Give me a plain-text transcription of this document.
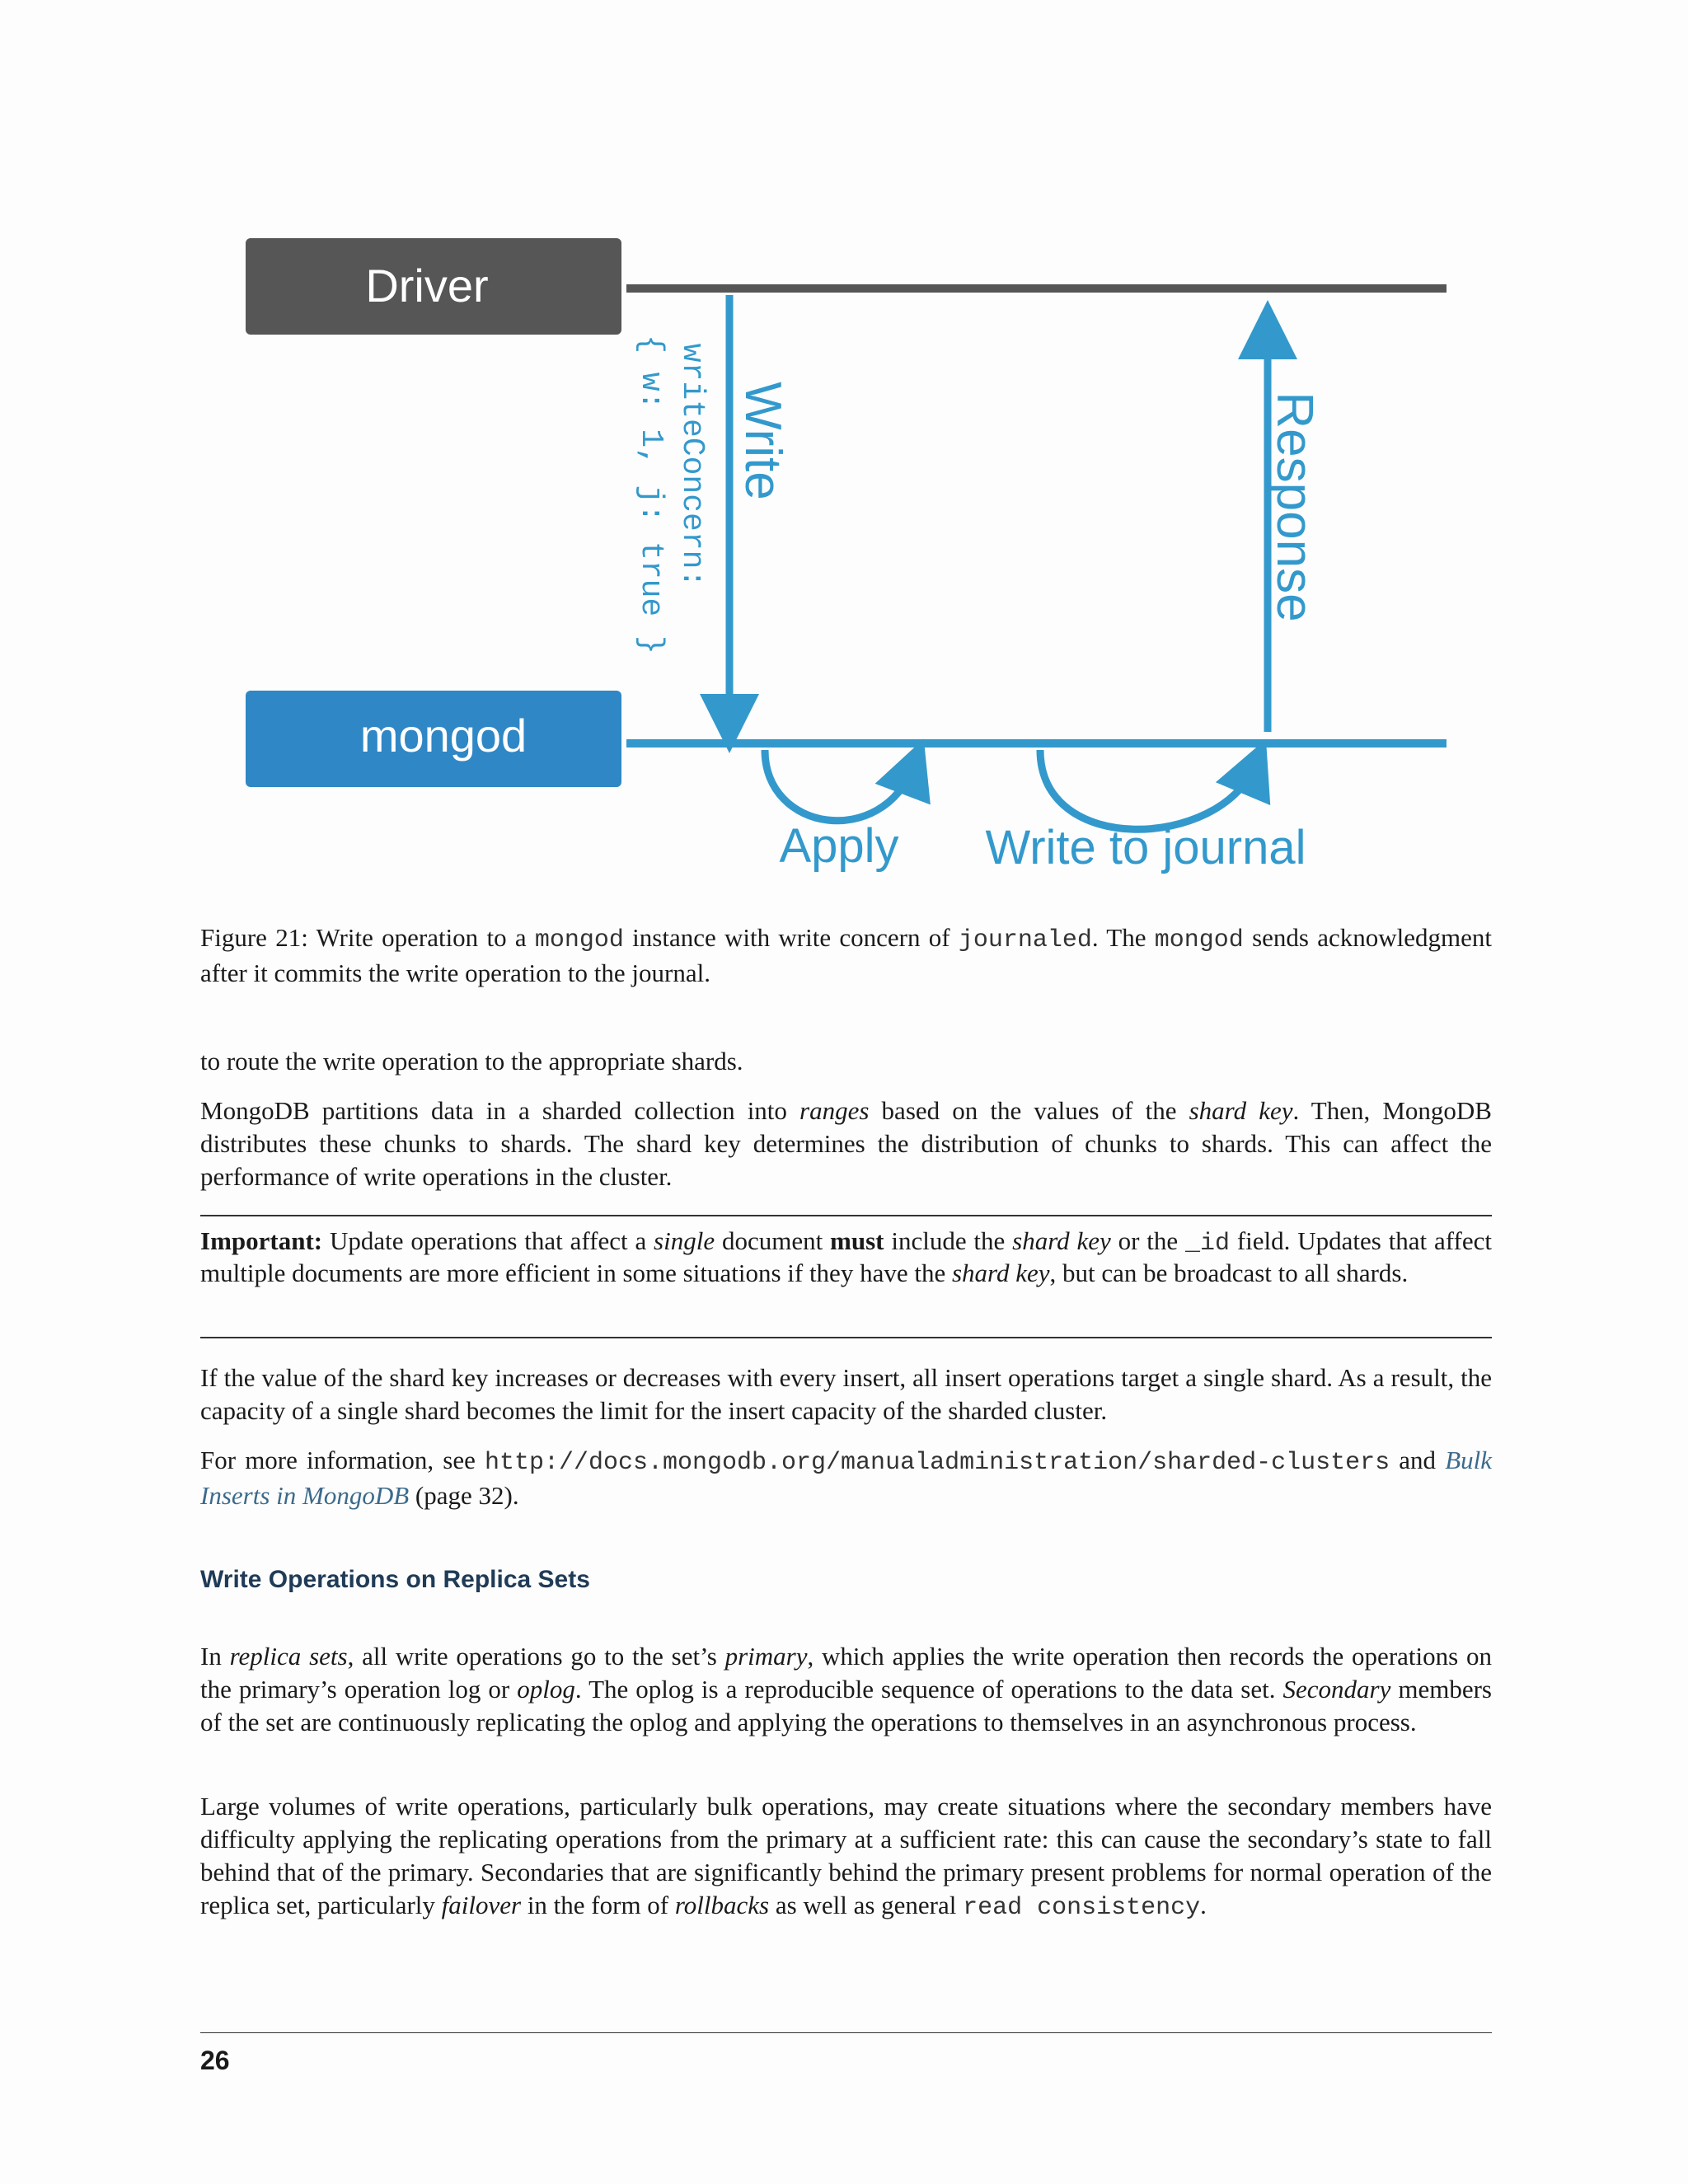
Driver
mongod
Write
writeConcern:
{ w: 1, j: true }	Response
Apply Write to journal

Figure 21: Write operation to a mongod instance with write concern of journaled. The mongod sends acknowledgment after it commits the write operation to the journal.

to route the write operation to the appropriate shards.

MongoDB partitions data in a sharded collection into ranges based on the values of the shard key. Then, MongoDB distributes these chunks to shards. The shard key determines the distribution of chunks to shards. This can affect the performance of write operations in the cluster.

Important: Update operations that affect a single document must include the shard key or the _id field. Updates that affect multiple documents are more efficient in some situations if they have the shard key, but can be broadcast to all shards.

If the value of the shard key increases or decreases with every insert, all insert operations target a single shard. As a result, the capacity of a single shard becomes the limit for the insert capacity of the sharded cluster.

For more information, see http://docs.mongodb.org/manualadministration/sharded-clusters and Bulk Inserts in MongoDB (page 32).

Write Operations on Replica Sets

In replica sets, all write operations go to the set’s primary, which applies the write operation then records the operations on the primary’s operation log or oplog. The oplog is a reproducible sequence of operations to the data set. Secondary members of the set are continuously replicating the oplog and applying the operations to themselves in an asynchronous process.

Large volumes of write operations, particularly bulk operations, may create situations where the secondary members have difficulty applying the replicating operations from the primary at a sufficient rate: this can cause the secondary’s state to fall behind that of the primary. Secondaries that are significantly behind the primary present problems for normal operation of the replica set, particularly failover in the form of rollbacks as well as general read consistency.

26
